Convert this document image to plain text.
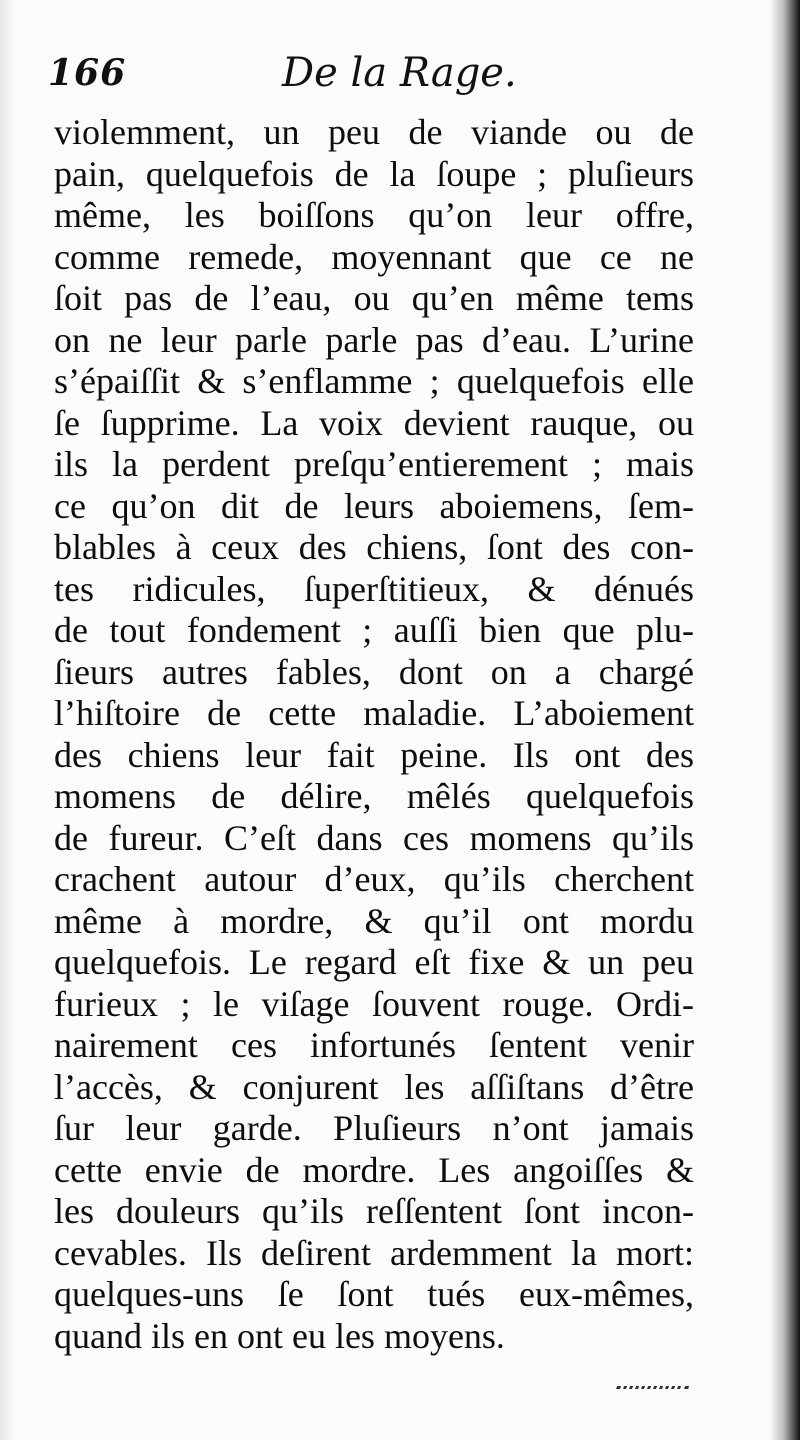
166	De la Rage.
violemment, un peu de viande ou de
pain, quelquefois de la ſoupe ; pluſieurs
même, les boiſſons qu’on leur offre,
comme remede, moyennant que ce ne
ſoit pas de l’eau, ou qu’en même tems
on ne leur parle parle pas d’eau. L’urine
s’épaiſſit & s’enflamme ; quelquefois elle
ſe ſupprime. La voix devient rauque, ou
ils la perdent preſqu’entierement ; mais
ce qu’on dit de leurs aboiemens, ſem-
blables à ceux des chiens, ſont des con-
tes ridicules, ſuperſtitieux, & dénués
de tout fondement ; auſſi bien que plu-
ſieurs autres fables, dont on a chargé
l’hiſtoire de cette maladie. L’aboiement
des chiens leur fait peine. Ils ont des
momens de délire, mêlés quelquefois
de fureur. C’eſt dans ces momens qu’ils
crachent autour d’eux, qu’ils cherchent
même à mordre, & qu’il ont mordu
quelquefois. Le regard eſt fixe & un peu
furieux ; le viſage ſouvent rouge. Ordi-
nairement ces infortunés ſentent venir
l’accès, & conjurent les aſſiſtans d’être
ſur leur garde. Pluſieurs n’ont jamais
cette envie de mordre. Les angoiſſes &
les douleurs qu’ils reſſentent ſont incon-
cevables. Ils deſirent ardemment la mort:
quelques-uns ſe ſont tués eux-mêmes,
quand ils en ont eu les moyens.
